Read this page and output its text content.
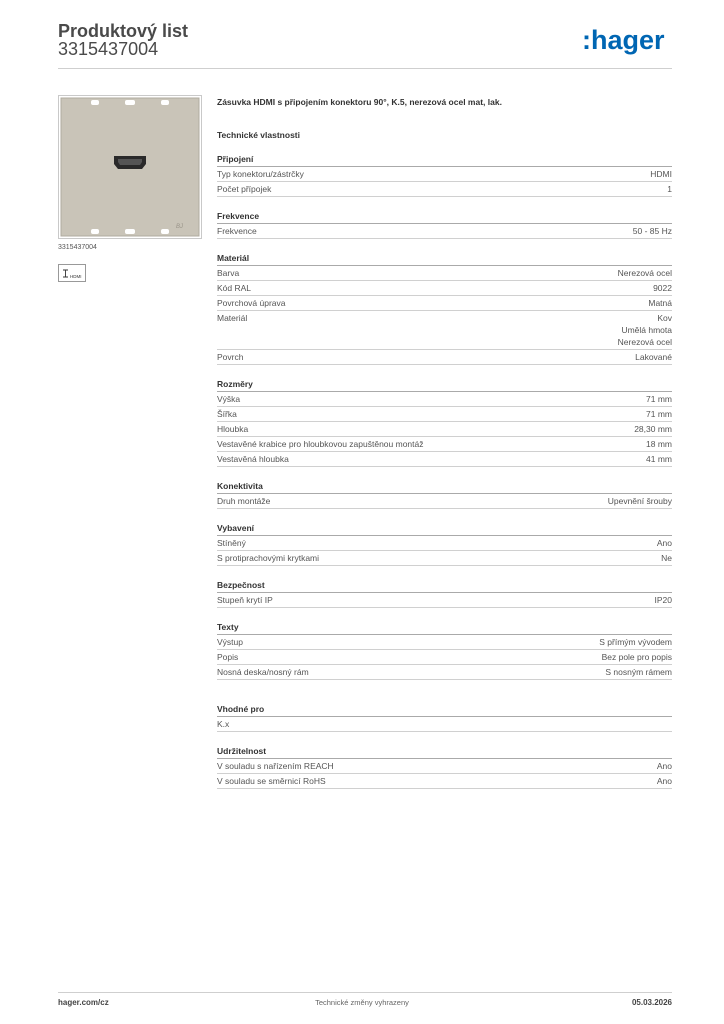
Produktový list
3315437004	:hager
BJ
3315437004
HDMI
Zásuvka HDMI s připojením konektoru 90°, K.5, nerezová ocel mat, lak.
Technické vlastnosti
Připojení
Typ konektoru/zástrčky	HDMI
Počet přípojek	1
Frekvence
Frekvence	50 - 85 Hz
Materiál
Barva	Nerezová ocel
Kód RAL	9022
Povrchová úprava	Matná
Materiál	Kov
Umělá hmota
Nerezová ocel
Povrch	Lakované
Rozměry
Výška	71 mm
Šířka	71 mm
Hloubka	28,30 mm
Vestavěné krabice pro hloubkovou zapuštěnou montáž	18 mm
Vestavěná hloubka	41 mm
Konektivita
Druh montáže	Upevnění šrouby
Vybavení
Stíněný	Ano
S protiprachovými krytkami	Ne
Bezpečnost
Stupeň krytí IP	IP20
Texty
Výstup	S přímým vývodem
Popis	Bez pole pro popis
Nosná deska/nosný rám	S nosným rámem
Vhodné pro
K.x
Udržitelnost
V souladu s nařízením REACH	Ano
V souladu se směrnicí RoHS	Ano
hager.com/cz	Technické změny vyhrazeny	05.03.2026
